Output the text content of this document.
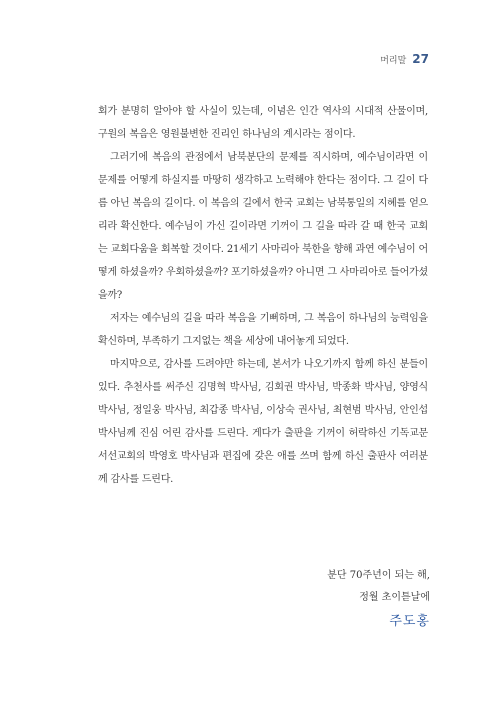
머리말 27

회가 분명히 알아야 할 사실이 있는데, 이념은 인간 역사의 시대적 산물이며, 구원의 복음은 영원불변한 진리인 하나님의 계시라는 점이다.

그러기에 복음의 관점에서 남북분단의 문제를 직시하며, 예수님이라면 이 문제를 어떻게 하실지를 마땅히 생각하고 노력해야 한다는 점이다. 그 길이 다름 아닌 복음의 길이다. 이 복음의 길에서 한국 교회는 남북통일의 지혜를 얻으리라 확신한다. 예수님이 가신 길이라면 기꺼이 그 길을 따라 갈 때 한국 교회는 교회다움을 회복할 것이다. 21세기 사마리아 북한을 향해 과연 예수님이 어떻게 하셨을까? 우회하셨을까? 포기하셨을까? 아니면 그 사마리아로 들어가셨을까?

저자는 예수님의 길을 따라 복음을 기뻐하며, 그 복음이 하나님의 능력임을 확신하며, 부족하기 그지없는 책을 세상에 내어놓게 되었다.

마지막으로, 감사를 드려야만 하는데, 본서가 나오기까지 함께 하신 분들이 있다. 추천사를 써주신 김명혁 박사님, 김회권 박사님, 박종화 박사님, 양영식 박사님, 정일웅 박사님, 최갑종 박사님, 이상숙 권사님, 최현범 박사님, 안인섭 박사님께 진심 어린 감사를 드린다. 게다가 출판을 기꺼이 허락하신 기독교문서선교회의 박영호 박사님과 편집에 갖은 애를 쓰며 함께 하신 출판사 여러분께 감사를 드린다.

분단 70주년이 되는 해,
정월 초이튿날에
주도홍
